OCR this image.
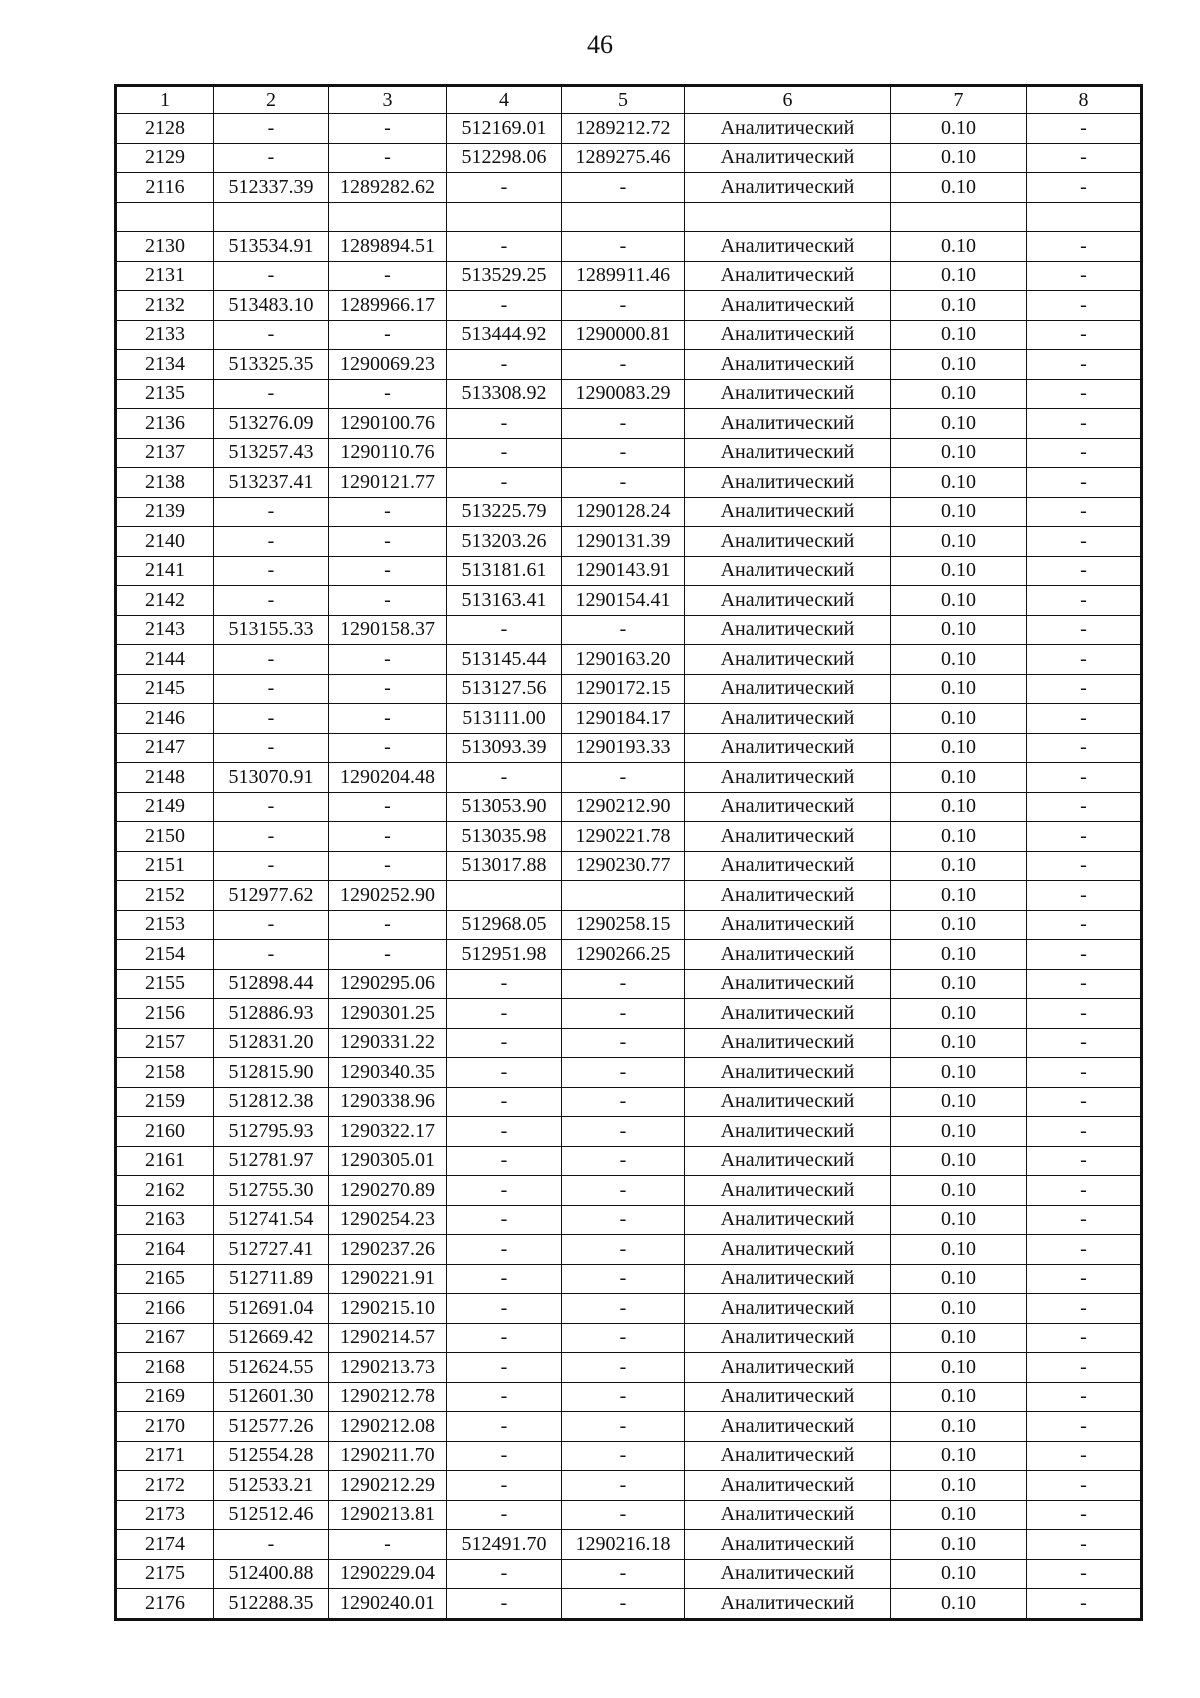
46
1	2	3	4	5	6	7	8
2128	-	-	512169.01	1289212.72	Аналитический	0.10	-
2129	-	-	512298.06	1289275.46	Аналитический	0.10	-
2116	512337.39	1289282.62	-	-	Аналитический	0.10	-

2130	513534.91	1289894.51	-	-	Аналитический	0.10	-
2131	-	-	513529.25	1289911.46	Аналитический	0.10	-
2132	513483.10	1289966.17	-	-	Аналитический	0.10	-
2133	-	-	513444.92	1290000.81	Аналитический	0.10	-
2134	513325.35	1290069.23	-	-	Аналитический	0.10	-
2135	-	-	513308.92	1290083.29	Аналитический	0.10	-
2136	513276.09	1290100.76	-	-	Аналитический	0.10	-
2137	513257.43	1290110.76	-	-	Аналитический	0.10	-
2138	513237.41	1290121.77	-	-	Аналитический	0.10	-
2139	-	-	513225.79	1290128.24	Аналитический	0.10	-
2140	-	-	513203.26	1290131.39	Аналитический	0.10	-
2141	-	-	513181.61	1290143.91	Аналитический	0.10	-
2142	-	-	513163.41	1290154.41	Аналитический	0.10	-
2143	513155.33	1290158.37	-	-	Аналитический	0.10	-
2144	-	-	513145.44	1290163.20	Аналитический	0.10	-
2145	-	-	513127.56	1290172.15	Аналитический	0.10	-
2146	-	-	513111.00	1290184.17	Аналитический	0.10	-
2147	-	-	513093.39	1290193.33	Аналитический	0.10	-
2148	513070.91	1290204.48	-	-	Аналитический	0.10	-
2149	-	-	513053.90	1290212.90	Аналитический	0.10	-
2150	-	-	513035.98	1290221.78	Аналитический	0.10	-
2151	-	-	513017.88	1290230.77	Аналитический	0.10	-
2152	512977.62	1290252.90			Аналитический	0.10	-
2153	-	-	512968.05	1290258.15	Аналитический	0.10	-
2154	-	-	512951.98	1290266.25	Аналитический	0.10	-
2155	512898.44	1290295.06	-	-	Аналитический	0.10	-
2156	512886.93	1290301.25	-	-	Аналитический	0.10	-
2157	512831.20	1290331.22	-	-	Аналитический	0.10	-
2158	512815.90	1290340.35	-	-	Аналитический	0.10	-
2159	512812.38	1290338.96	-	-	Аналитический	0.10	-
2160	512795.93	1290322.17	-	-	Аналитический	0.10	-
2161	512781.97	1290305.01	-	-	Аналитический	0.10	-
2162	512755.30	1290270.89	-	-	Аналитический	0.10	-
2163	512741.54	1290254.23	-	-	Аналитический	0.10	-
2164	512727.41	1290237.26	-	-	Аналитический	0.10	-
2165	512711.89	1290221.91	-	-	Аналитический	0.10	-
2166	512691.04	1290215.10	-	-	Аналитический	0.10	-
2167	512669.42	1290214.57	-	-	Аналитический	0.10	-
2168	512624.55	1290213.73	-	-	Аналитический	0.10	-
2169	512601.30	1290212.78	-	-	Аналитический	0.10	-
2170	512577.26	1290212.08	-	-	Аналитический	0.10	-
2171	512554.28	1290211.70	-	-	Аналитический	0.10	-
2172	512533.21	1290212.29	-	-	Аналитический	0.10	-
2173	512512.46	1290213.81	-	-	Аналитический	0.10	-
2174	-	-	512491.70	1290216.18	Аналитический	0.10	-
2175	512400.88	1290229.04	-	-	Аналитический	0.10	-
2176	512288.35	1290240.01	-	-	Аналитический	0.10	-
